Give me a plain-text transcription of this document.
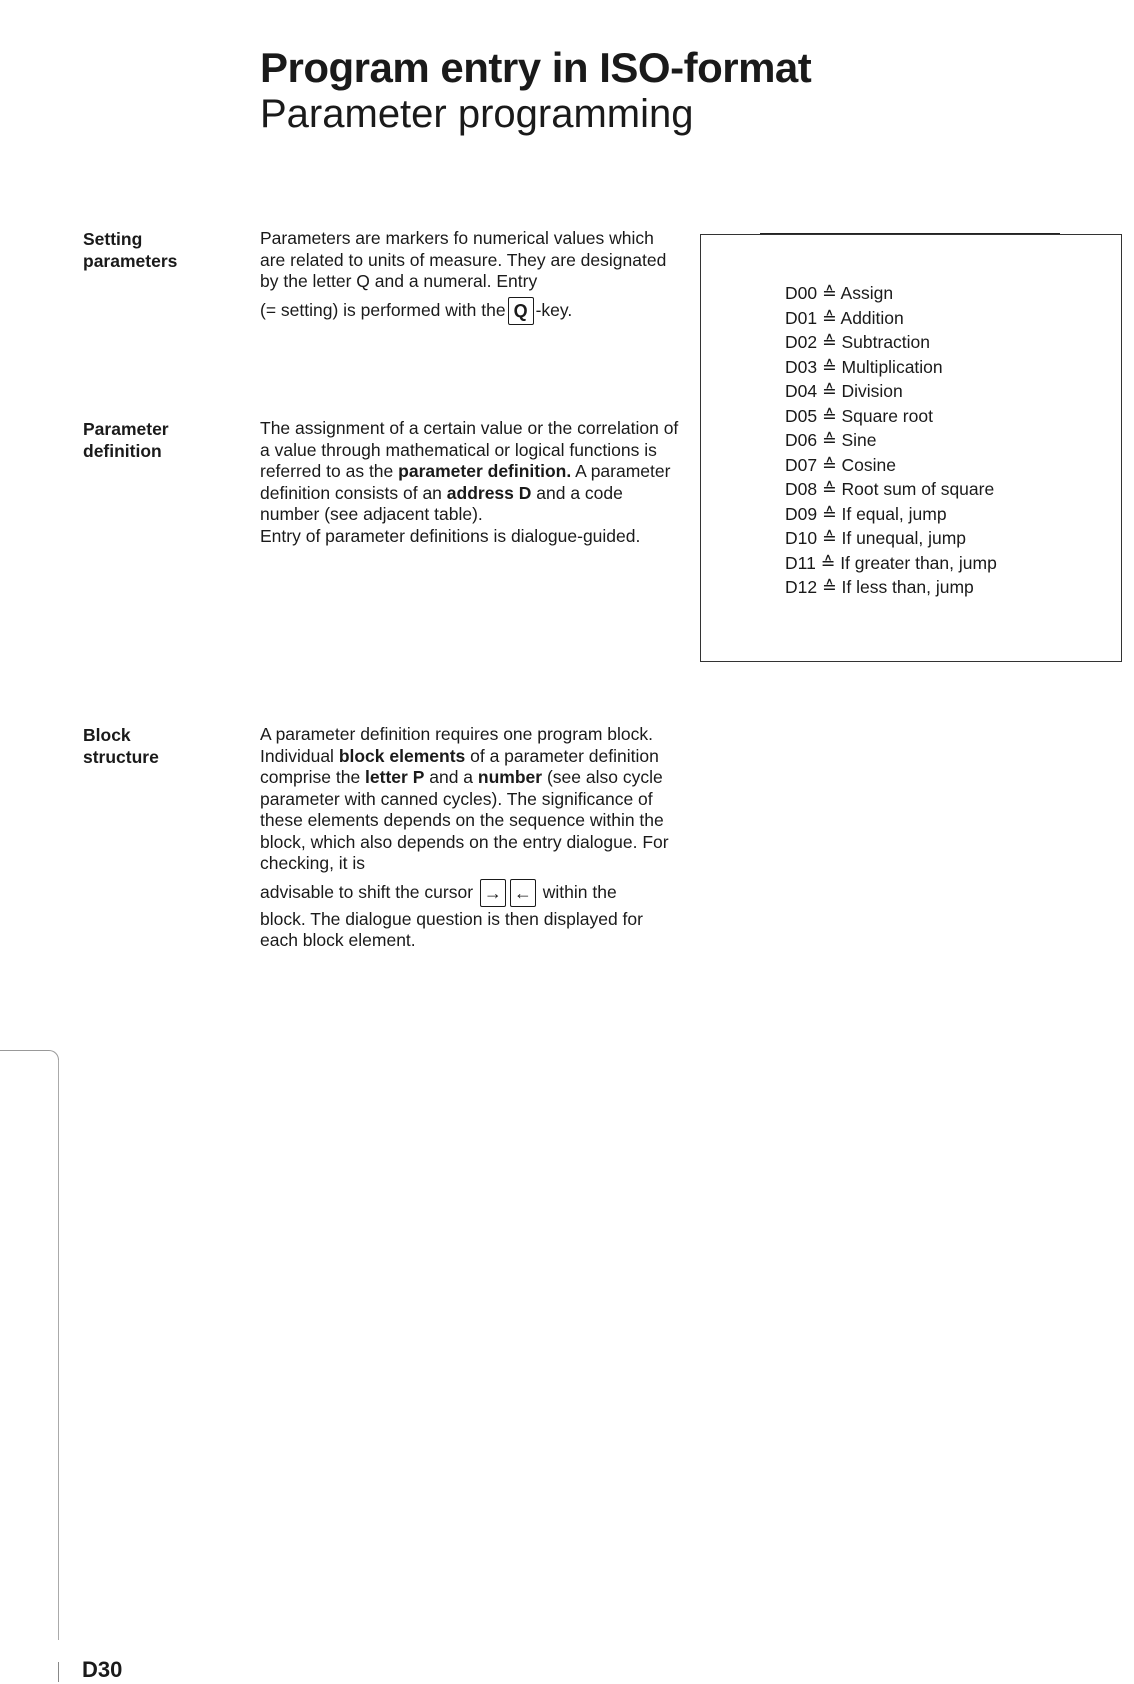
Program entry in ISO-format
Parameter programming
Setting
parameters
Parameters are markers fo numerical values which are related to units of measure. They are designated by the letter Q and a numeral. Entry
(= setting) is performed with the Q -key.
Parameter
definition
The assignment of a certain value or the correlation of a value through mathematical or logical functions is referred to as the parameter definition. A parameter definition consists of an address D and a code number (see adjacent table).
Entry of parameter definitions is dialogue-guided.
Block
structure
A parameter definition requires one program block.
Individual block elements of a parameter definition comprise the letter P and a number (see also cycle parameter with canned cycles). The significance of these elements depends on the sequence within the block, which also depends on the entry dialogue. For checking, it is
advisable to shift the cursor → ← within the
block. The dialogue question is then displayed for each block element.
D00 ≙ Assign
D01 ≙ Addition
D02 ≙ Subtraction
D03 ≙ Multiplication
D04 ≙ Division
D05 ≙ Square root
D06 ≙ Sine
D07 ≙ Cosine
D08 ≙ Root sum of square
D09 ≙ If equal, jump
D10 ≙ If unequal, jump
D11 ≙ If greater than, jump
D12 ≙ If less than, jump
D30
